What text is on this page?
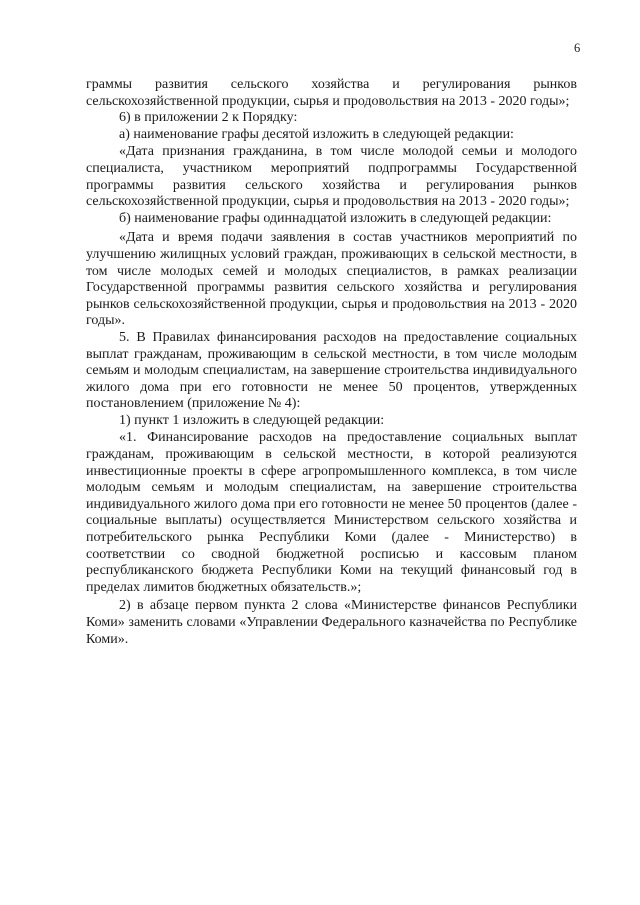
6

граммы развития сельского хозяйства и регулирования рынков сельскохозяйственной продукции, сырья и продовольствия на 2013 - 2020 годы»;

6) в приложении 2 к Порядку:

а) наименование графы десятой изложить в следующей редакции:

«Дата признания гражданина, в том числе молодой семьи и молодого специалиста, участником мероприятий подпрограммы Государственной программы развития сельского хозяйства и регулирования рынков сельскохозяйственной продукции, сырья и продовольствия на 2013 - 2020 годы»;

б) наименование графы одиннадцатой изложить в следующей редакции:

«Дата и время подачи заявления в состав участников мероприятий по улучшению жилищных условий граждан, проживающих в сельской местности, в том числе молодых семей и молодых специалистов, в рамках реализации Государственной программы развития сельского хозяйства и регулирования рынков сельскохозяйственной продукции, сырья и продовольствия на 2013 - 2020 годы».

5. В Правилах финансирования расходов на предоставление социальных выплат гражданам, проживающим в сельской местности, в том числе молодым семьям и молодым специалистам, на завершение строительства индивидуального жилого дома при его готовности не менее 50 процентов, утвержденных постановлением (приложение № 4):

1) пункт 1 изложить в следующей редакции:

«1. Финансирование расходов на предоставление социальных выплат гражданам, проживающим в сельской местности, в которой реализуются инвестиционные проекты в сфере агропромышленного комплекса, в том числе молодым семьям и молодым специалистам, на завершение строительства индивидуального жилого дома при его готовности не менее 50 процентов (далее - социальные выплаты) осуществляется Министерством сельского хозяйства и потребительского рынка Республики Коми (далее - Министерство) в соответствии со сводной бюджетной росписью и кассовым планом республиканского бюджета Республики Коми на текущий финансовый год в пределах лимитов бюджетных обязательств.»;

2) в абзаце первом пункта 2 слова «Министерстве финансов Республики Коми» заменить словами «Управлении Федерального казначейства по Республике Коми».
